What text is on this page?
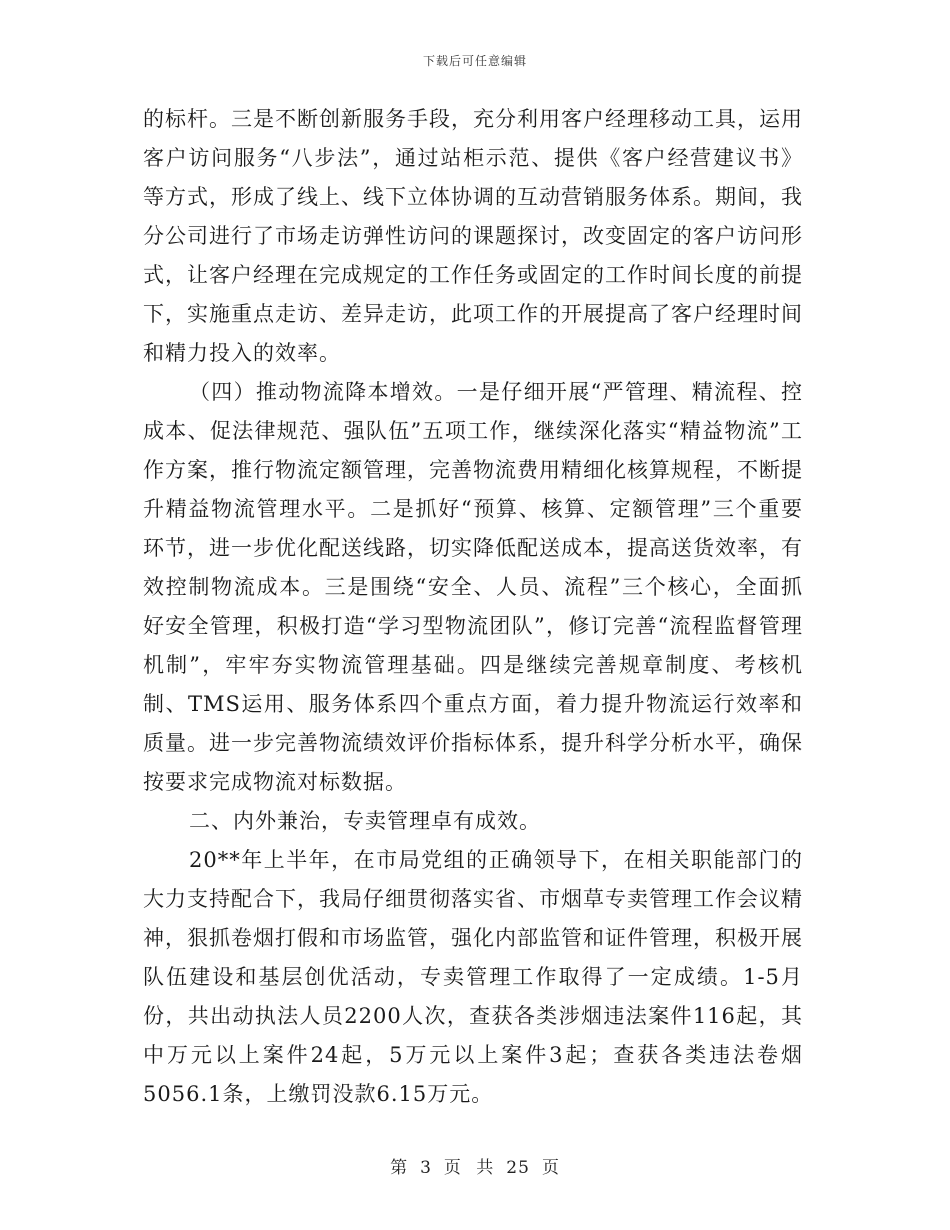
下载后可任意编辑

的标杆。三是不断创新服务手段，充分利用客户经理移动工具，运用客户访问服务“八步法”，通过站柜示范、提供《客户经营建议书》等方式，形成了线上、线下立体协调的互动营销服务体系。期间，我分公司进行了市场走访弹性访问的课题探讨，改变固定的客户访问形式，让客户经理在完成规定的工作任务或固定的工作时间长度的前提下，实施重点走访、差异走访，此项工作的开展提高了客户经理时间和精力投入的效率。

（四）推动物流降本增效。一是仔细开展“严管理、精流程、控成本、促法律规范、强队伍”五项工作，继续深化落实“精益物流”工作方案，推行物流定额管理，完善物流费用精细化核算规程，不断提升精益物流管理水平。二是抓好“预算、核算、定额管理”三个重要环节，进一步优化配送线路，切实降低配送成本，提高送货效率，有效控制物流成本。三是围绕“安全、人员、流程”三个核心，全面抓好安全管理，积极打造“学习型物流团队”，修订完善“流程监督管理机制”，牢牢夯实物流管理基础。四是继续完善规章制度、考核机制、TMS运用、服务体系四个重点方面，着力提升物流运行效率和质量。进一步完善物流绩效评价指标体系，提升科学分析水平，确保按要求完成物流对标数据。

二、内外兼治，专卖管理卓有成效。

20**年上半年，在市局党组的正确领导下，在相关职能部门的大力支持配合下，我局仔细贯彻落实省、市烟草专卖管理工作会议精神，狠抓卷烟打假和市场监管，强化内部监管和证件管理，积极开展队伍建设和基层创优活动，专卖管理工作取得了一定成绩。1-5月份，共出动执法人员2200人次，查获各类涉烟违法案件116起，其中万元以上案件24起，5万元以上案件3起；查获各类违法卷烟5056.1条，上缴罚没款6.15万元。

第 3 页 共 25 页
